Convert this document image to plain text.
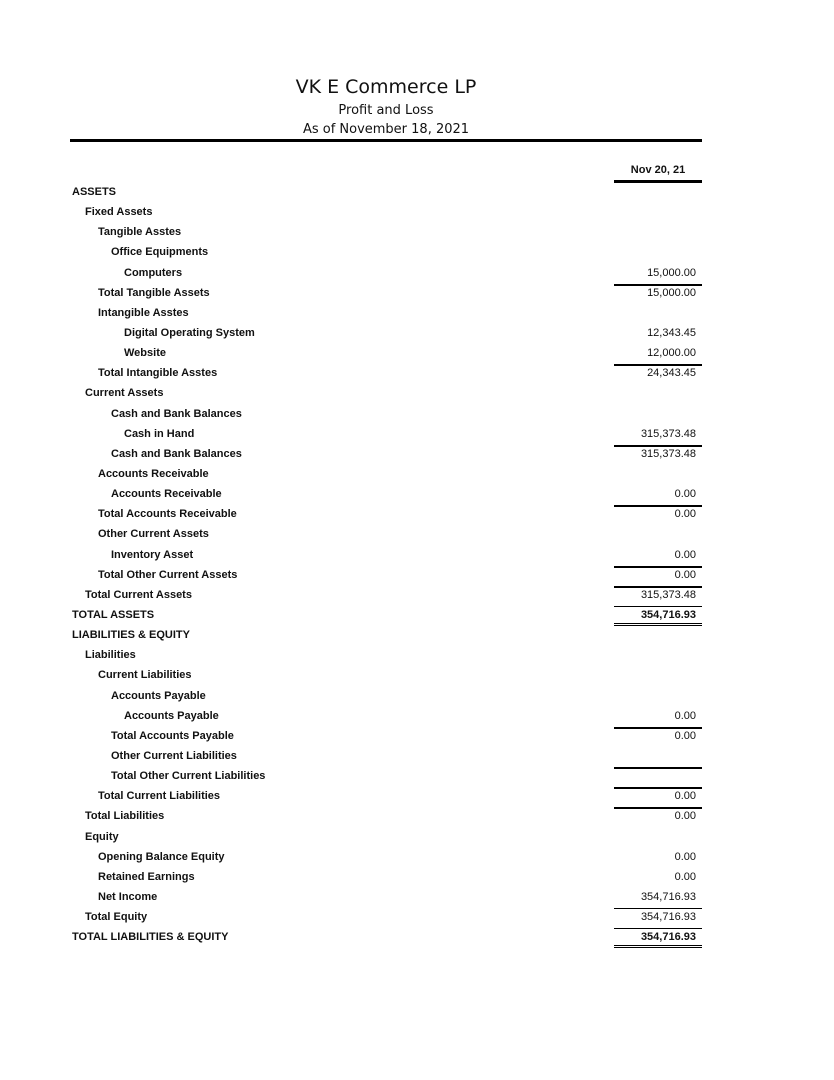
VK E Commerce LP
Profit and Loss
As of November 18, 2021
Nov 20, 21
ASSETS
Fixed Assets
Tangible Asstes
Office Equipments
Computers	15,000.00
Total Tangible Assets	15,000.00
Intangible Asstes
Digital Operating System	12,343.45
Website	12,000.00
Total Intangible Asstes	24,343.45
Current Assets
Cash and Bank Balances
Cash in Hand	315,373.48
Cash and Bank Balances	315,373.48
Accounts Receivable
Accounts Receivable	0.00
Total Accounts Receivable	0.00
Other Current Assets
Inventory Asset	0.00
Total Other Current Assets	0.00
Total Current Assets	315,373.48
TOTAL ASSETS	354,716.93
LIABILITIES & EQUITY
Liabilities
Current Liabilities
Accounts Payable
Accounts Payable	0.00
Total Accounts Payable	0.00
Other Current Liabilities
Total Other Current Liabilities
Total Current Liabilities	0.00
Total Liabilities	0.00
Equity
Opening Balance Equity	0.00
Retained Earnings	0.00
Net Income	354,716.93
Total Equity	354,716.93
TOTAL LIABILITIES & EQUITY	354,716.93
